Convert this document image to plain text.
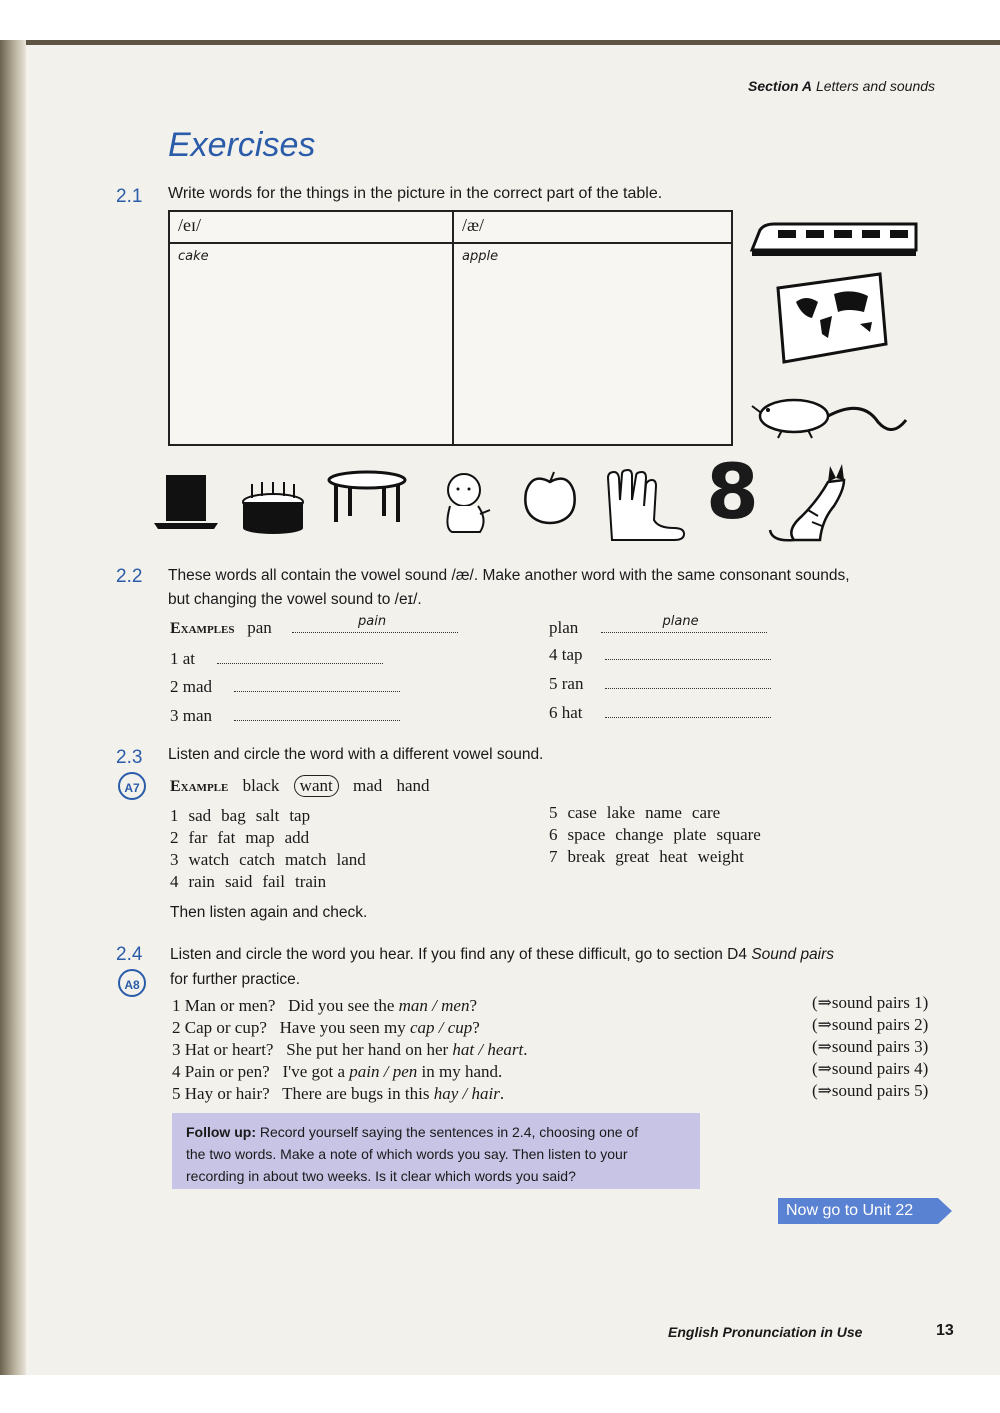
Section A Letters and sounds
Exercises
2.1 Write words for the things in the picture in the correct part of the table.
/eɪ/	/æ/
cake	apple
8
2.2 These words all contain the vowel sound /æ/. Make another word with the same consonant sounds,
but changing the vowel sound to /eɪ/.
Examples pan	pain	plan	plane
1 at
2 mad
3 man
4 tap
5 ran
6 hat
2.3
A7
Listen and circle the word with a different vowel sound.
Example black want mad hand
1 sad bag salt tap
2 far fat map add
3 watch catch match land
4 rain said fail train
5 case lake name care
6 space change plate square
7 break great heat weight
Then listen again and check.
2.4
A8
Listen and circle the word you hear. If you find any of these difficult, go to section D4 Sound pairs
for further practice.
1 Man or men? Did you see the man / men?
2 Cap or cup? Have you seen my cap / cup?
3 Hat or heart? She put her hand on her hat / heart.
4 Pain or pen? I've got a pain / pen in my hand.
5 Hay or hair? There are bugs in this hay / hair.
(⇒sound pairs 1)
(⇒sound pairs 2)
(⇒sound pairs 3)
(⇒sound pairs 4)
(⇒sound pairs 5)
Follow up: Record yourself saying the sentences in 2.4, choosing one of
the two words. Make a note of which words you say. Then listen to your
recording in about two weeks. Is it clear which words you said?
Now go to Unit 22
English Pronunciation in Use	13
